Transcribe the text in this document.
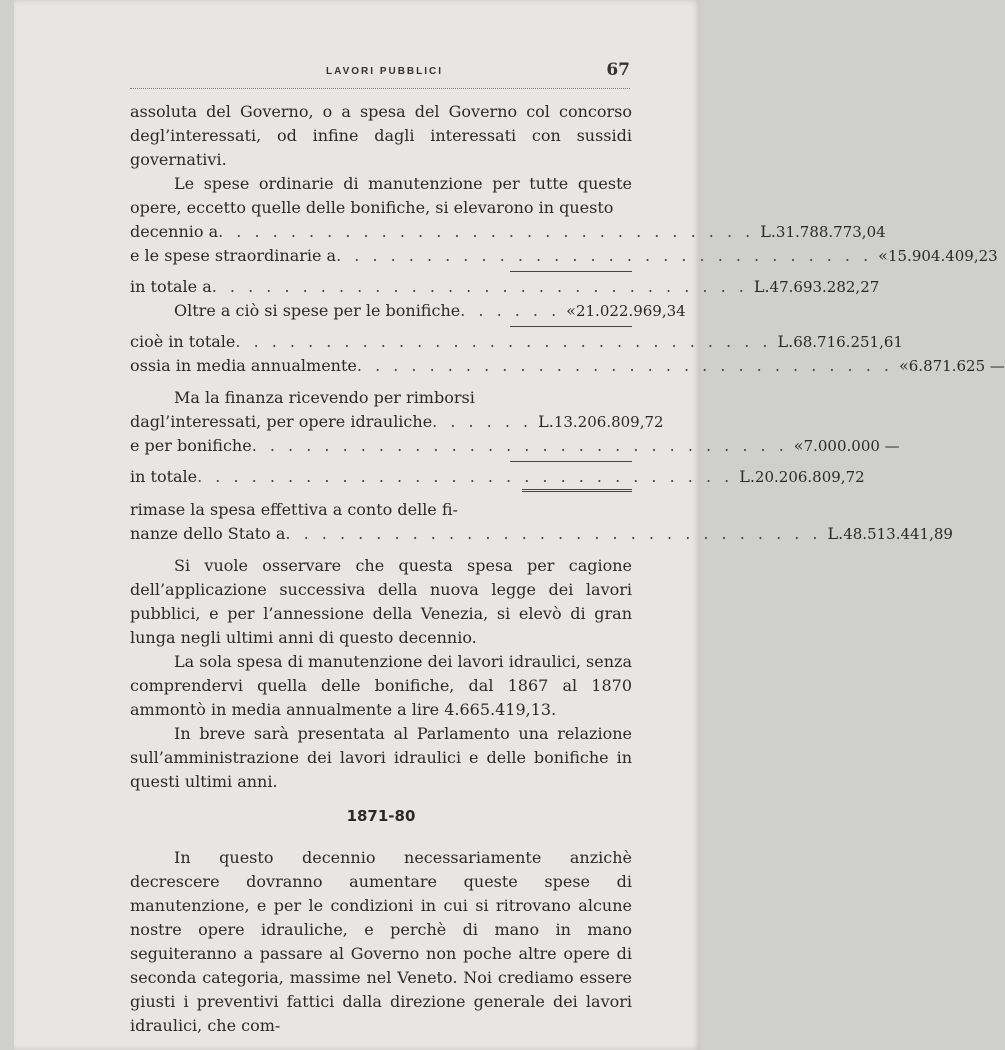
LAVORI PUBBLICI	67

assoluta del Governo, o a spesa del Governo col concorso degl’interessati, od infine dagli interessati con sussidi governativi.

Le spese ordinarie di manutenzione per tutte queste opere, eccetto quelle delle bonifiche, si elevarono in questo

decennio a . . . . . . . . . . . . . . . . . . . . . . . . . . . . . . L. 31.788.773,04
e le spese straordinarie a . . . . . . . . . . . . . . . . . . . . . . . . . . . . . . « 15.904.409,23
in totale a . . . . . . . . . . . . . . . . . . . . . . . . . . . . . . L. 47.693.282,27
Oltre a ciò si spese per le bonifiche . . . . . . « 21.022.969,34
cioè in totale . . . . . . . . . . . . . . . . . . . . . . . . . . . . . . L. 68.716.251,61
ossia in media annualmente . . . . . . . . . . . . . . . . . . . . . . . . . . . . . . « 6.871.625 —

Ma la finanza ricevendo per rimborsi

dagl’interessati, per opere idrauliche . . . . . . L. 13.206.809,72
e per bonifiche . . . . . . . . . . . . . . . . . . . . . . . . . . . . . . « 7.000.000 —
in totale . . . . . . . . . . . . . . . . . . . . . . . . . . . . . . L. 20.206.809,72

rimase la spesa effettiva a conto delle fi-

nanze dello Stato a . . . . . . . . . . . . . . . . . . . . . . . . . . . . . . L. 48.513.441,89

Si vuole osservare che questa spesa per cagione dell’applicazione successiva della nuova legge dei lavori pubblici, e per l’annessione della Venezia, si elevò di gran lunga negli ultimi anni di questo decennio.

La sola spesa di manutenzione dei lavori idraulici, senza comprendervi quella delle bonifiche, dal 1867 al 1870 ammontò in media annualmente a lire 4.665.419,13.

In breve sarà presentata al Parlamento una relazione sull’amministrazione dei lavori idraulici e delle bonifiche in questi ultimi anni.

1871-80

In questo decennio necessariamente anzichè decrescere dovranno aumentare queste spese di manutenzione, e per le condizioni in cui si ritrovano alcune nostre opere idrauliche, e perchè di mano in mano seguiteranno a passare al Governo non poche altre opere di seconda categoria, massime nel Veneto. Noi crediamo essere giusti i preventivi fattici dalla direzione generale dei lavori idraulici, che com-
